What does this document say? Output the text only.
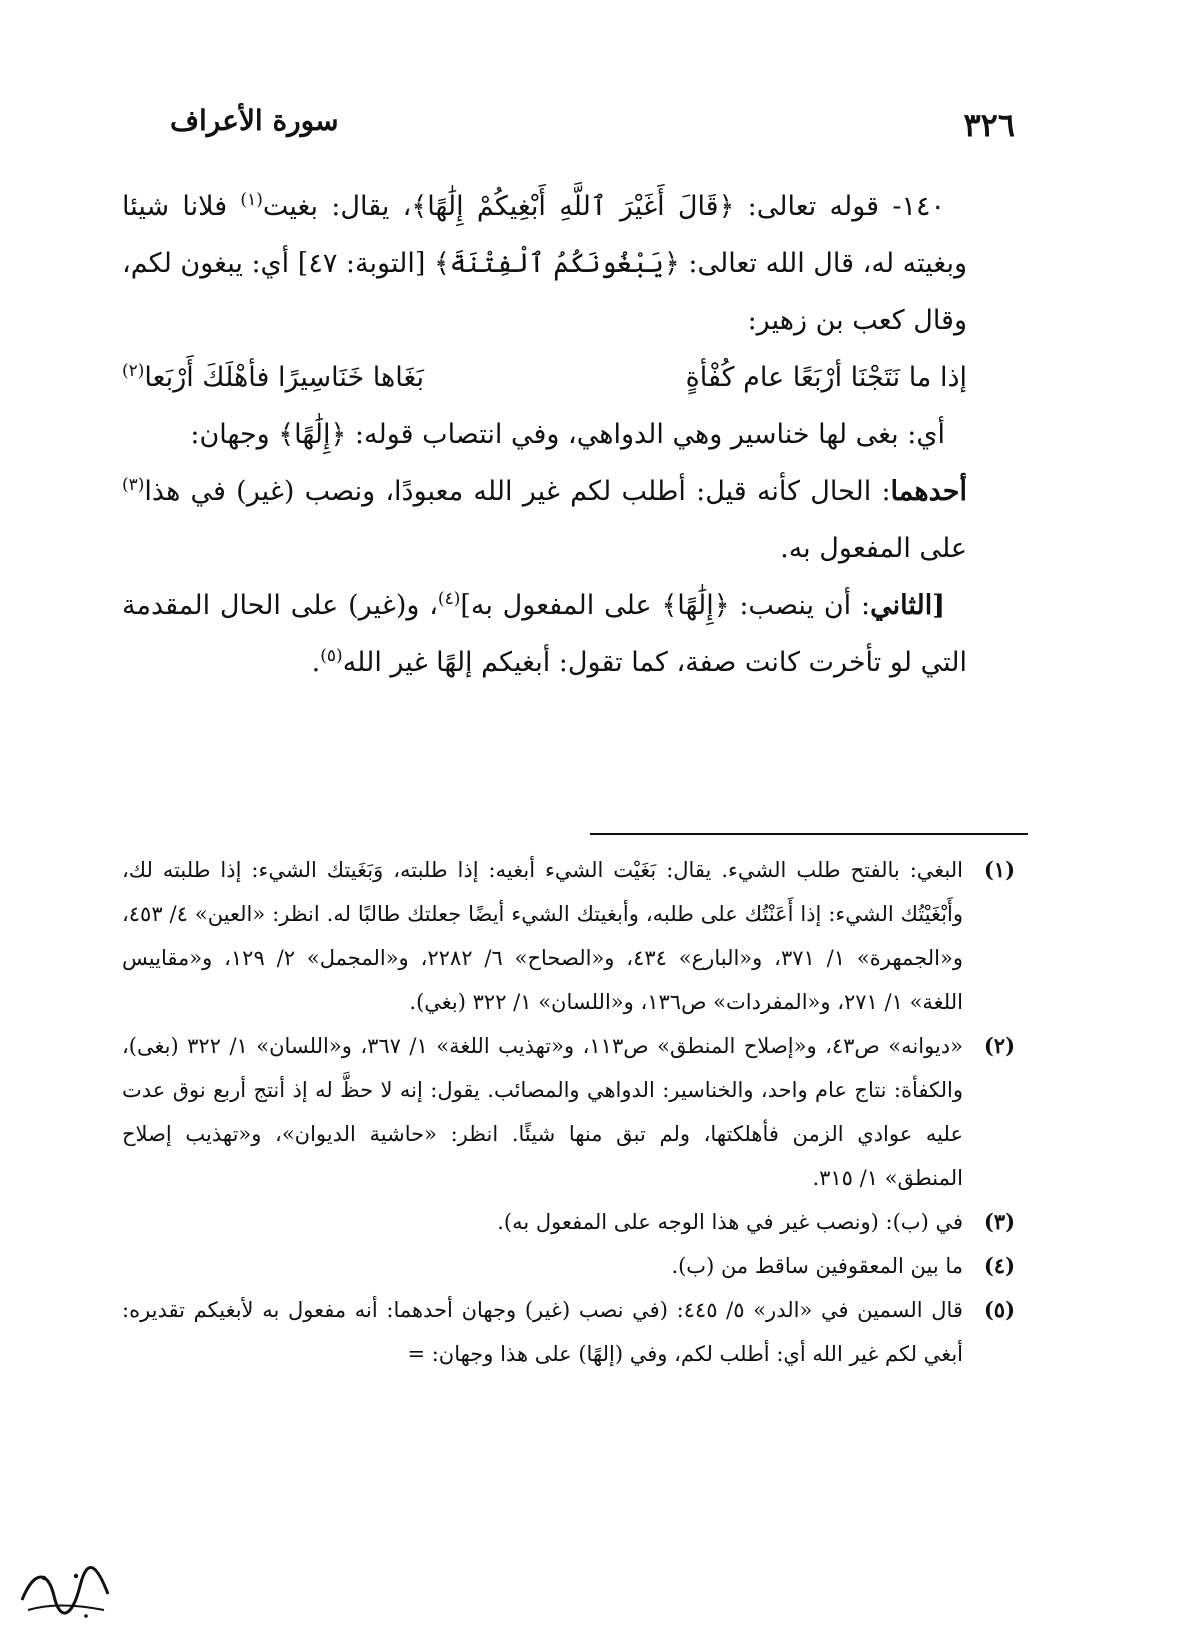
٣٢٦
سورة الأعراف

١٤٠- قوله تعالى: ﴿قَالَ أَغَيْرَ ٱللَّهِ أَبْغِيكُمْ إِلَٰهًا﴾، يقال: بغيت$^{(١)}$ فلانا شيئا وبغيته له، قال الله تعالى: ﴿يَبْغُونَكُمُ ٱلْفِتْنَةَ﴾ [التوبة: ٤٧] أي: يبغون لكم، وقال كعب بن زهير:

إذا ما نَتَجْنَا أرْبَعًا عام كُفْأةٍ
بَغَاها خَنَاسِيرًا فأهْلَكَ أَرْبَعا$^{(٢)}$

أي: بغى لها خناسير وهي الدواهي، وفي انتصاب قوله: ﴿إِلَٰهًا﴾ وجهان:

أحدهما: الحال كأنه قيل: أطلب لكم غير الله معبودًا، ونصب (غير) في هذا$^{(٣)}$ على المفعول به.

[الثاني: أن ينصب: ﴿إِلَٰهًا﴾ على المفعول به]$^{(٤)}$، و(غير) على الحال المقدمة التي لو تأخرت كانت صفة، كما تقول: أبغيكم إلهًا غير الله$^{(٥)}$.

(١)
البغي: بالفتح طلب الشيء. يقال: بَغَيْت الشيء أبغيه: إذا طلبته، وَبَغَيتك الشيء: إذا طلبته لك، وأَبْغَيْتُك الشيء: إذا أَعَنْتُك على طلبه، وأبغيتك الشيء أيضًا جعلتك طالبًا له. انظر: «العين» ٤/ ٤٥٣، و«الجمهرة» ١/ ٣٧١، و«البارع» ٤٣٤، و«الصحاح» ٦/ ٢٢٨٢، و«المجمل» ٢/ ١٢٩، و«مقاييس اللغة» ١/ ٢٧١، و«المفردات» ص١٣٦، و«اللسان» ١/ ٣٢٢ (بغي).
(٢)
«ديوانه» ص٤٣، و«إصلاح المنطق» ص١١٣، و«تهذيب اللغة» ١/ ٣٦٧، و«اللسان» ١/ ٣٢٢ (بغى)، والكفأة: نتاج عام واحد، والخناسير: الدواهي والمصائب. يقول: إنه لا حظَّ له إذ أنتج أربع نوق عدت عليه عوادي الزمن فأهلكتها، ولم تبق منها شيئًا. انظر: «حاشية الديوان»، و«تهذيب إصلاح المنطق» ١/ ٣١٥.
(٣)
في (ب): (ونصب غير في هذا الوجه على المفعول به).
(٤)
ما بين المعقوفين ساقط من (ب).
(٥)
قال السمين في «الدر» ٥/ ٤٤٥: (في نصب (غير) وجهان أحدهما: أنه مفعول به لأبغيكم تقديره: أبغي لكم غير الله أي: أطلب لكم، وفي (إلهًا) على هذا وجهان: =
